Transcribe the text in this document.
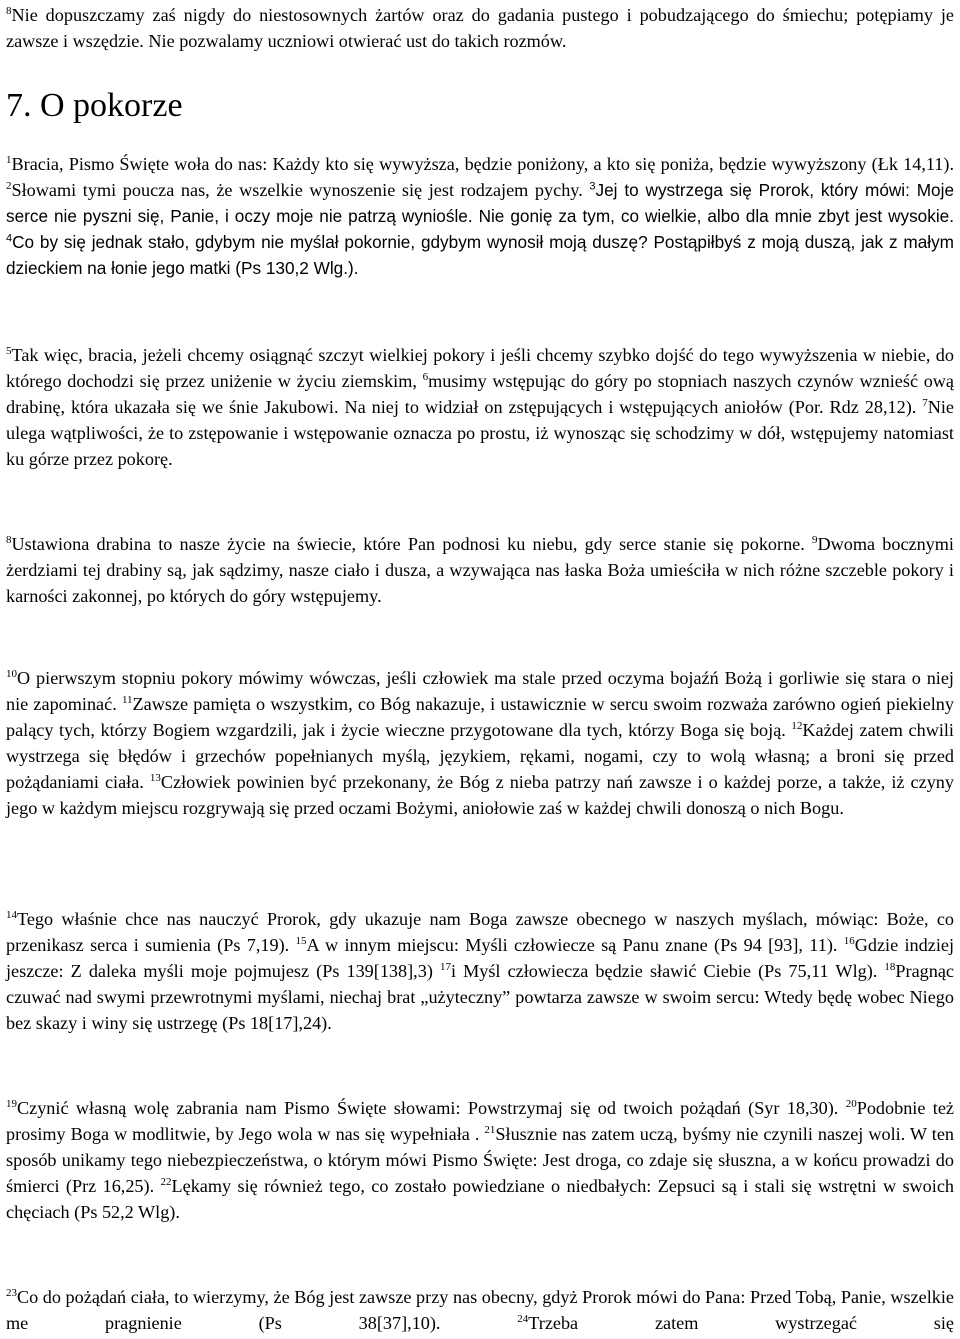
$^8$Nie dopuszczamy zaś nigdy do niestosownych żartów oraz do gadania pustego i pobudzającego do śmiechu; potępiamy je zawsze i wszędzie. Nie pozwalamy uczniowi otwierać ust do takich rozmów.

7. O pokorze

$^1$Bracia, Pismo Święte woła do nas: Każdy kto się wywyższa, będzie poniżony, a kto się poniża, będzie wywyższony (Łk 14,11). $^2$Słowami tymi poucza nas, że wszelkie wynoszenie się jest rodzajem pychy. $^3$Jej to wystrzega się Prorok, który mówi: Moje serce nie pyszni się, Panie, i oczy moje nie patrzą wyniośle. Nie gonię za tym, co wielkie, albo dla mnie zbyt jest wysokie. $^4$Co by się jednak stało, gdybym nie myślał pokornie, gdybym wynosił moją duszę? Postąpiłbyś z moją duszą, jak z małym dzieckiem na łonie jego matki (Ps 130,2 Wlg.).

$^5$Tak więc, bracia, jeżeli chcemy osiągnąć szczyt wielkiej pokory i jeśli chcemy szybko dojść do tego wywyższenia w niebie, do którego dochodzi się przez uniżenie w życiu ziemskim, $^6$musimy wstępując do góry po stopniach naszych czynów wznieść ową drabinę, która ukazała się we śnie Jakubowi. Na niej to widział on zstępujących i wstępujących aniołów (Por. Rdz 28,12). $^7$Nie ulega wątpliwości, że to zstępowanie i wstępowanie oznacza po prostu, iż wynosząc się schodzimy w dół, wstępujemy natomiast ku górze przez pokorę.

$^8$Ustawiona drabina to nasze życie na świecie, które Pan podnosi ku niebu, gdy serce stanie się pokorne. $^9$Dwoma bocznymi żerdziami tej drabiny są, jak sądzimy, nasze ciało i dusza, a wzywająca nas łaska Boża umieściła w nich różne szczeble pokory i karności zakonnej, po których do góry wstępujemy.

$^{10}$O pierwszym stopniu pokory mówimy wówczas, jeśli człowiek ma stale przed oczyma bojaźń Bożą i gorliwie się stara o niej nie zapominać. $^{11}$Zawsze pamięta o wszystkim, co Bóg nakazuje, i ustawicznie w sercu swoim rozważa zarówno ogień piekielny palący tych, którzy Bogiem wzgardzili, jak i życie wieczne przygotowane dla tych, którzy Boga się boją. $^{12}$Każdej zatem chwili wystrzega się błędów i grzechów popełnianych myślą, językiem, rękami, nogami, czy to wolą własną; a broni się przed pożądaniami ciała. $^{13}$Człowiek powinien być przekonany, że Bóg z nieba patrzy nań zawsze i o każdej porze, a także, iż czyny jego w każdym miejscu rozgrywają się przed oczami Bożymi, aniołowie zaś w każdej chwili donoszą o nich Bogu.

$^{14}$Tego właśnie chce nas nauczyć Prorok, gdy ukazuje nam Boga zawsze obecnego w naszych myślach, mówiąc: Boże, co przenikasz serca i sumienia (Ps 7,19). $^{15}$A w innym miejscu: Myśli człowiecze są Panu znane (Ps 94 [93], 11). $^{16}$Gdzie indziej jeszcze: Z daleka myśli moje pojmujesz (Ps 139[138],3) $^{17}$i Myśl człowiecza będzie sławić Ciebie (Ps 75,11 Wlg). $^{18}$Pragnąc czuwać nad swymi przewrotnymi myślami, niechaj brat „użyteczny” powtarza zawsze w swoim sercu: Wtedy będę wobec Niego bez skazy i winy się ustrzegę (Ps 18[17],24).

$^{19}$Czynić własną wolę zabrania nam Pismo Święte słowami: Powstrzymaj się od twoich pożądań (Syr 18,30). $^{20}$Podobnie też prosimy Boga w modlitwie, by Jego wola w nas się wypełniała . $^{21}$Słusznie nas zatem uczą, byśmy nie czynili naszej woli. W ten sposób unikamy tego niebezpieczeństwa, o którym mówi Pismo Święte: Jest droga, co zdaje się słuszna, a w końcu prowadzi do śmierci (Prz 16,25). $^{22}$Lękamy się również tego, co zostało powiedziane o niedbałych: Zepsuci są i stali się wstrętni w swoich chęciach (Ps 52,2 Wlg).

$^{23}$Co do pożądań ciała, to wierzymy, że Bóg jest zawsze przy nas obecny, gdyż Prorok mówi do Pana: Przed Tobą, Panie, wszelkie me pragnienie (Ps 38[37],10). $^{24}$Trzeba zatem wystrzegać się
